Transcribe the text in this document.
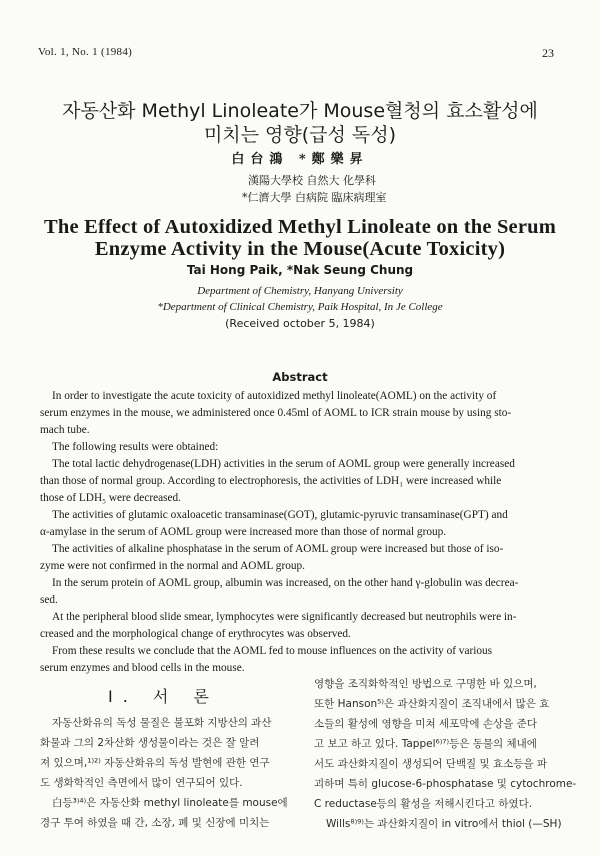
Vol. 1, No. 1 (1984)	23
자동산화 Methyl Linoleate가 Mouse혈청의 효소활성에
미치는 영향(급성 독성)
白台鴻 *鄭樂昇
漢陽大學校 自然大 化學科
*仁濟大學 白病院 臨床病理室
The Effect of Autoxidized Methyl Linoleate on the Serum
Enzyme Activity in the Mouse(Acute Toxicity)
Tai Hong Paik, *Nak Seung Chung
Department of Chemistry, Hanyang University
*Department of Clinical Chemistry, Paik Hospital, In Je College
(Received october 5, 1984)
Abstract
In order to investigate the acute toxicity of autoxidized methyl linoleate(AOML) on the activity of
serum enzymes in the mouse, we administered once 0.45ml of AOML to ICR strain mouse by using sto-
mach tube.
The following results were obtained:
The total lactic dehydrogenase(LDH) activities in the serum of AOML group were generally increased
than those of normal group. According to electrophoresis, the activities of LDH₁ were increased while
those of LDH₅ were decreased.
The activities of glutamic oxaloacetic transaminase(GOT), glutamic-pyruvic transaminase(GPT) and
α-amylase in the serum of AOML group were increased more than those of normal group.
The activities of alkaline phosphatase in the serum of AOML group were increased but those of iso-
zyme were not confirmed in the normal and AOML group.
In the serum protein of AOML group, albumin was increased, on the other hand γ-globulin was decrea-
sed.
At the peripheral blood slide smear, lymphocytes were significantly decreased but neutrophils were in-
creased and the morphological change of erythrocytes was observed.
From these results we conclude that the AOML fed to mouse influences on the activity of various
serum enzymes and blood cells in the mouse.
I. 서 론
자동산화유의 독성 물질은 불포화 지방산의 과산
화물과 그의 2차산화 생성물이라는 것은 잘 알려
져 있으며,¹⁾²⁾ 자동산화유의 독성 발현에 관한 연구
도 생화학적인 측면에서 많이 연구되어 있다.
白등³⁾⁴⁾은 자동산화 methyl linoleate를 mouse에
경구 투여 하였을 때 간, 소장, 폐 및 신장에 미치는
영향을 조직화학적인 방법으로 구명한 바 있으며,
또한 Hanson⁵⁾은 과산화지질이 조직내에서 많은 효
소들의 활성에 영향을 미쳐 세포막에 손상을 준다
고 보고 하고 있다. Tappel⁶⁾⁷⁾등은 동물의 체내에
서도 과산화지질이 생성되어 단백질 및 효소등을 파
괴하며 특히 glucose-6-phosphatase 및 cytochrome-
C reductase등의 활성을 저해시킨다고 하였다.
Wills⁸⁾⁹⁾는 과산화지질이 in vitro에서 thiol (—SH)
